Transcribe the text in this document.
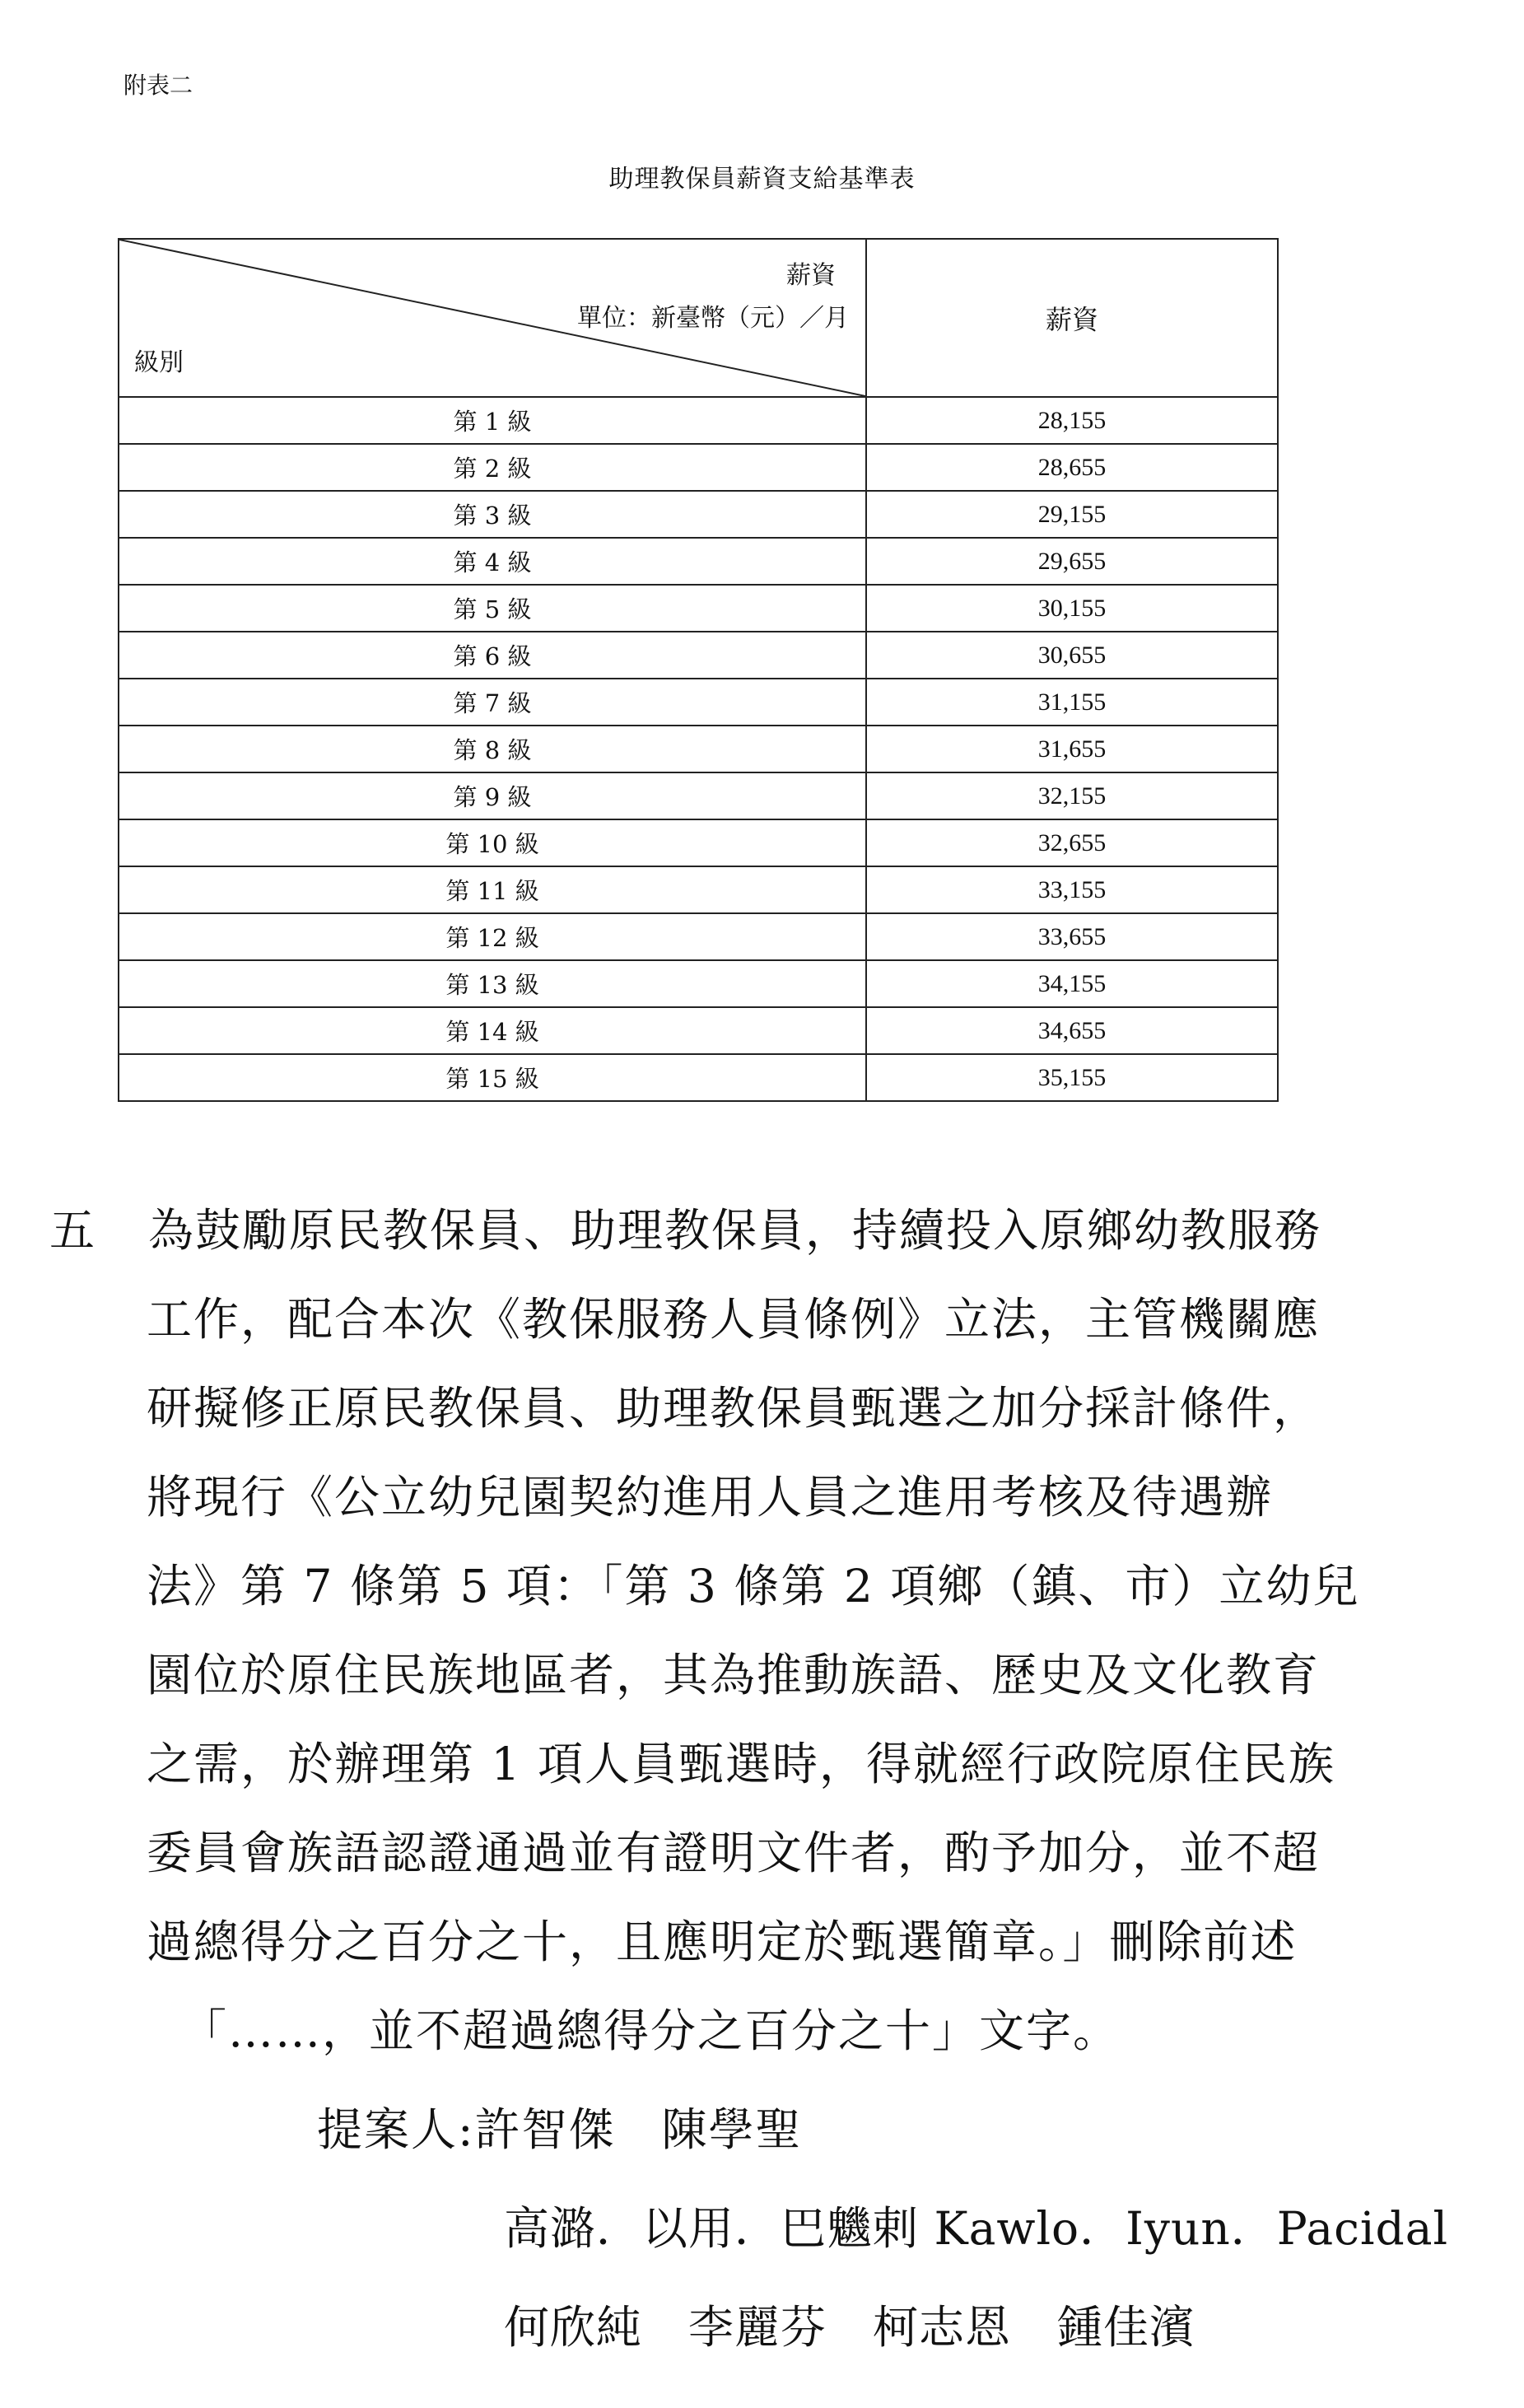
附表二
助理教保員薪資支給基準表
薪資
單位：新臺幣（元）／月
級別	薪資
第 1 級	28,155
第 2 級	28,655
第 3 級	29,155
第 4 級	29,655
第 5 級	30,155
第 6 級	30,655
第 7 級	31,155
第 8 級	31,655
第 9 級	32,155
第 10 級	32,655
第 11 級	33,155
第 12 級	33,655
第 13 級	34,155
第 14 級	34,655
第 15 級	35,155
五 為鼓勵原民教保員、助理教保員，持續投入原鄉幼教服務
工作，配合本次《教保服務人員條例》立法，主管機關應
研擬修正原民教保員、助理教保員甄選之加分採計條件，
將現行《公立幼兒園契約進用人員之進用考核及待遇辦
法》第 7 條第 5 項：「第 3 條第 2 項鄉（鎮、市）立幼兒
園位於原住民族地區者，其為推動族語、歷史及文化教育
之需，於辦理第 1 項人員甄選時，得就經行政院原住民族
委員會族語認證通過並有證明文件者，酌予加分，並不超
過總得分之百分之十，且應明定於甄選簡章。」刪除前述
「……，並不超過總得分之百分之十」文字。
提案人:許智傑 陳學聖
高潞．以用．巴魕剌 Kawlo．Iyun．Pacidal
何欣純 李麗芬 柯志恩 鍾佳濱
